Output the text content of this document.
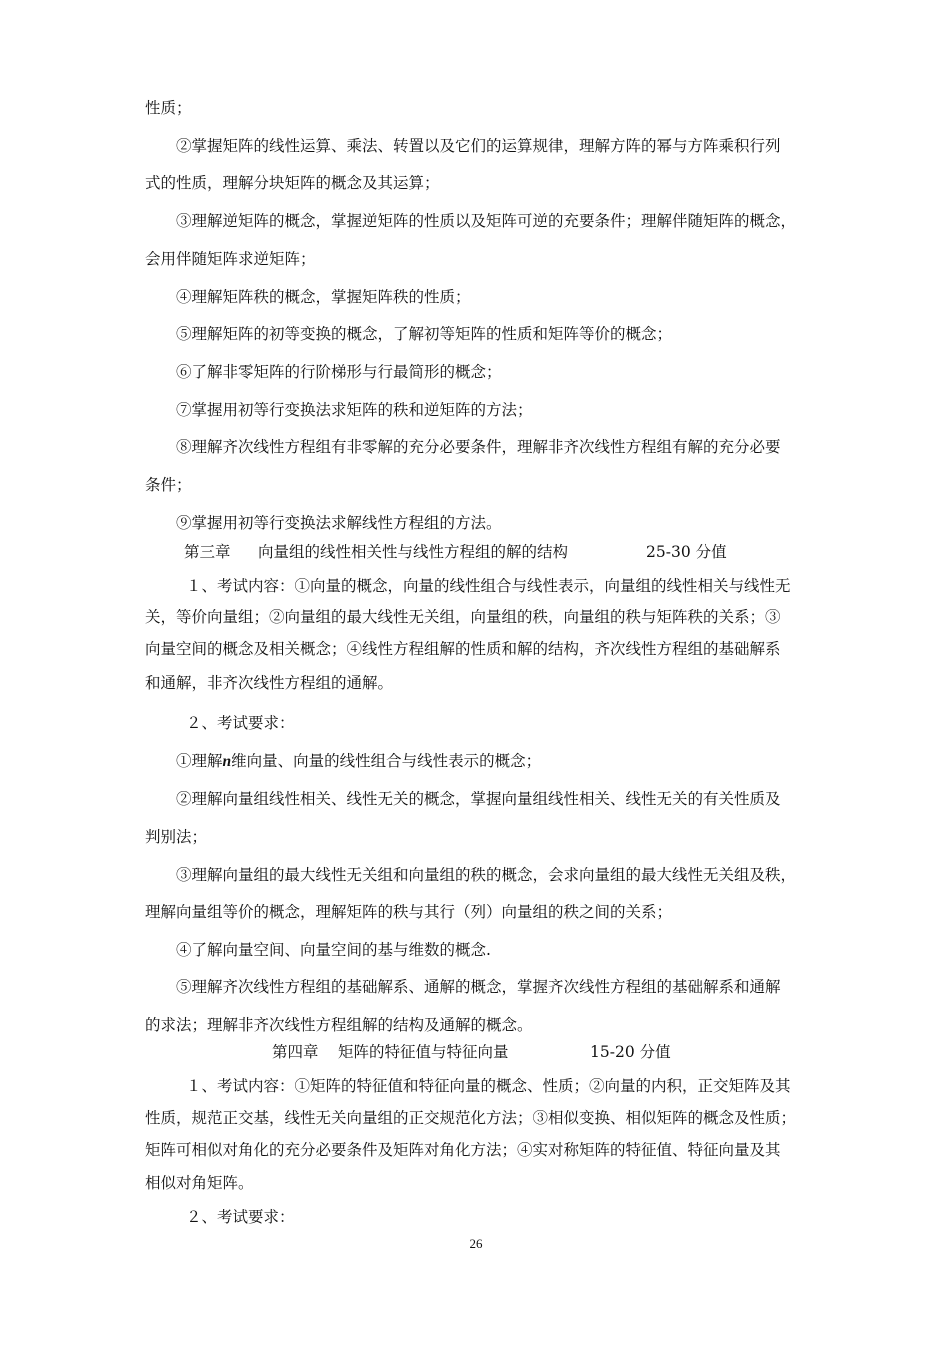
性质；
②掌握矩阵的线性运算、乘法、转置以及它们的运算规律，理解方阵的幂与方阵乘积行列
式的性质，理解分块矩阵的概念及其运算；
③理解逆矩阵的概念，掌握逆矩阵的性质以及矩阵可逆的充要条件；理解伴随矩阵的概念，
会用伴随矩阵求逆矩阵；
④理解矩阵秩的概念，掌握矩阵秩的性质；
⑤理解矩阵的初等变换的概念，了解初等矩阵的性质和矩阵等价的概念；
⑥了解非零矩阵的行阶梯形与行最简形的概念；
⑦掌握用初等行变换法求矩阵的秩和逆矩阵的方法；
⑧理解齐次线性方程组有非零解的充分必要条件，理解非齐次线性方程组有解的充分必要
条件；
⑨掌握用初等行变换法求解线性方程组的方法。
第三章 向量组的线性相关性与线性方程组的解的结构	25-30 分值
１、考试内容：①向量的概念，向量的线性组合与线性表示，向量组的线性相关与线性无
关，等价向量组；②向量组的最大线性无关组，向量组的秩，向量组的秩与矩阵秩的关系；③
向量空间的概念及相关概念；④线性方程组解的性质和解的结构，齐次线性方程组的基础解系
和通解，非齐次线性方程组的通解。
２、考试要求：
①理解n维向量、向量的线性组合与线性表示的概念；
②理解向量组线性相关、线性无关的概念，掌握向量组线性相关、线性无关的有关性质及
判别法；
③理解向量组的最大线性无关组和向量组的秩的概念，会求向量组的最大线性无关组及秩，
理解向量组等价的概念，理解矩阵的秩与其行（列）向量组的秩之间的关系；
④了解向量空间、向量空间的基与维数的概念.
⑤理解齐次线性方程组的基础解系、通解的概念，掌握齐次线性方程组的基础解系和通解
的求法；理解非齐次线性方程组解的结构及通解的概念。
第四章 矩阵的特征值与特征向量	15-20 分值
１、考试内容：①矩阵的特征值和特征向量的概念、性质；②向量的内积，正交矩阵及其
性质，规范正交基，线性无关向量组的正交规范化方法；③相似变换、相似矩阵的概念及性质；
矩阵可相似对角化的充分必要条件及矩阵对角化方法；④实对称矩阵的特征值、特征向量及其
相似对角矩阵。
２、考试要求：
26
